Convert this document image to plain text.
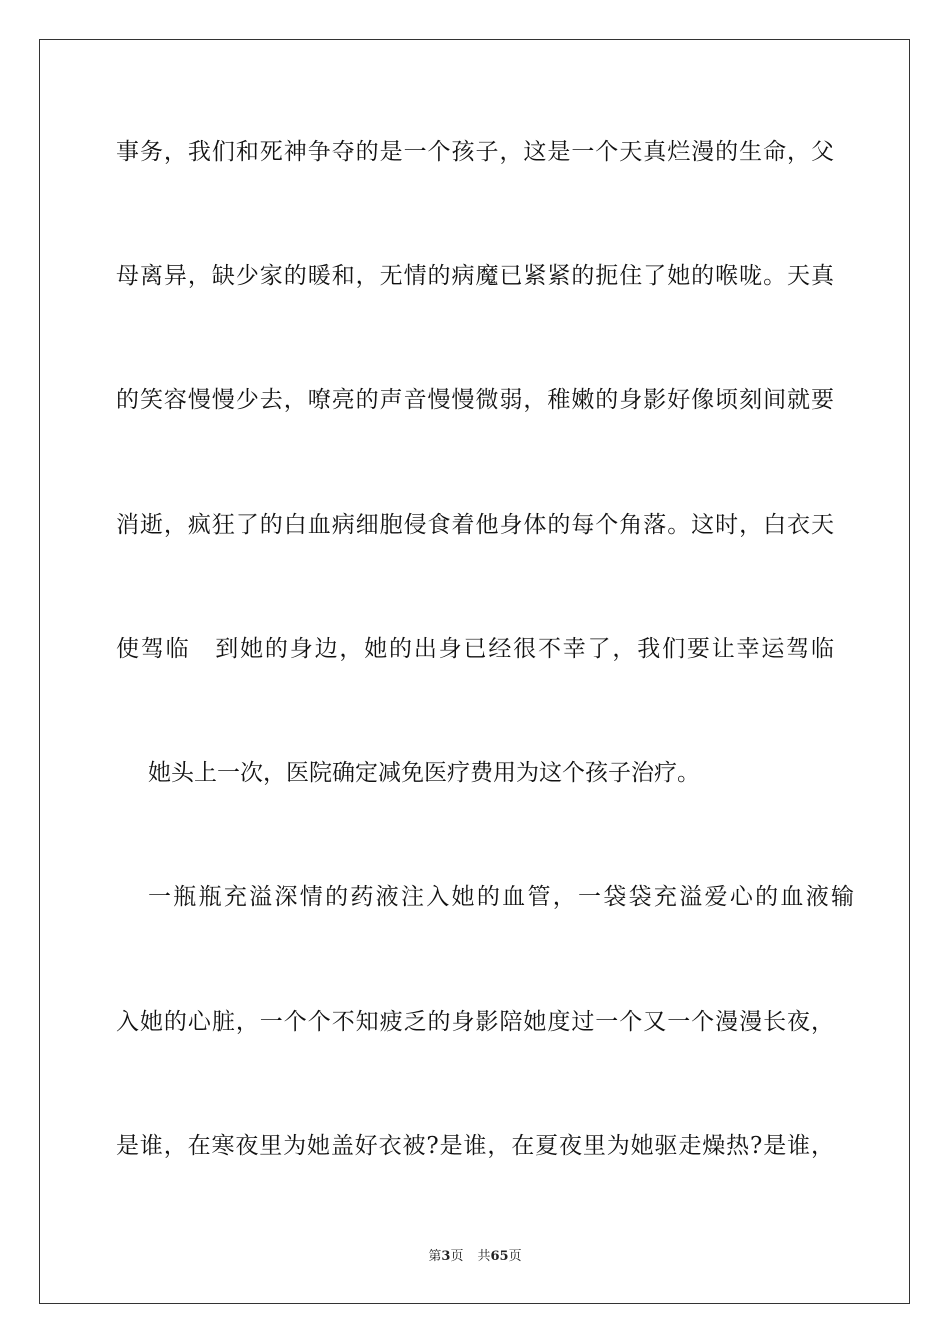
事务，我们和死神争夺的是一个孩子，这是一个天真烂漫的生命，父
母离异，缺少家的暖和，无情的病魔已紧紧的扼住了她的喉咙。天真
的笑容慢慢少去，嘹亮的声音慢慢微弱，稚嫩的身影好像顷刻间就要
消逝，疯狂了的白血病细胞侵食着他身体的每个角落。这时，白衣天
使驾临　到她的身边，她的出身已经很不幸了，我们要让幸运驾临
她头上一次，医院确定减免医疗费用为这个孩子治疗。
一瓶瓶充溢深情的药液注入她的血管，一袋袋充溢爱心的血液输
入她的心脏，一个个不知疲乏的身影陪她度过一个又一个漫漫长夜，
是谁，在寒夜里为她盖好衣被?是谁，在夏夜里为她驱走燥热?是谁，
第3页 共65页
